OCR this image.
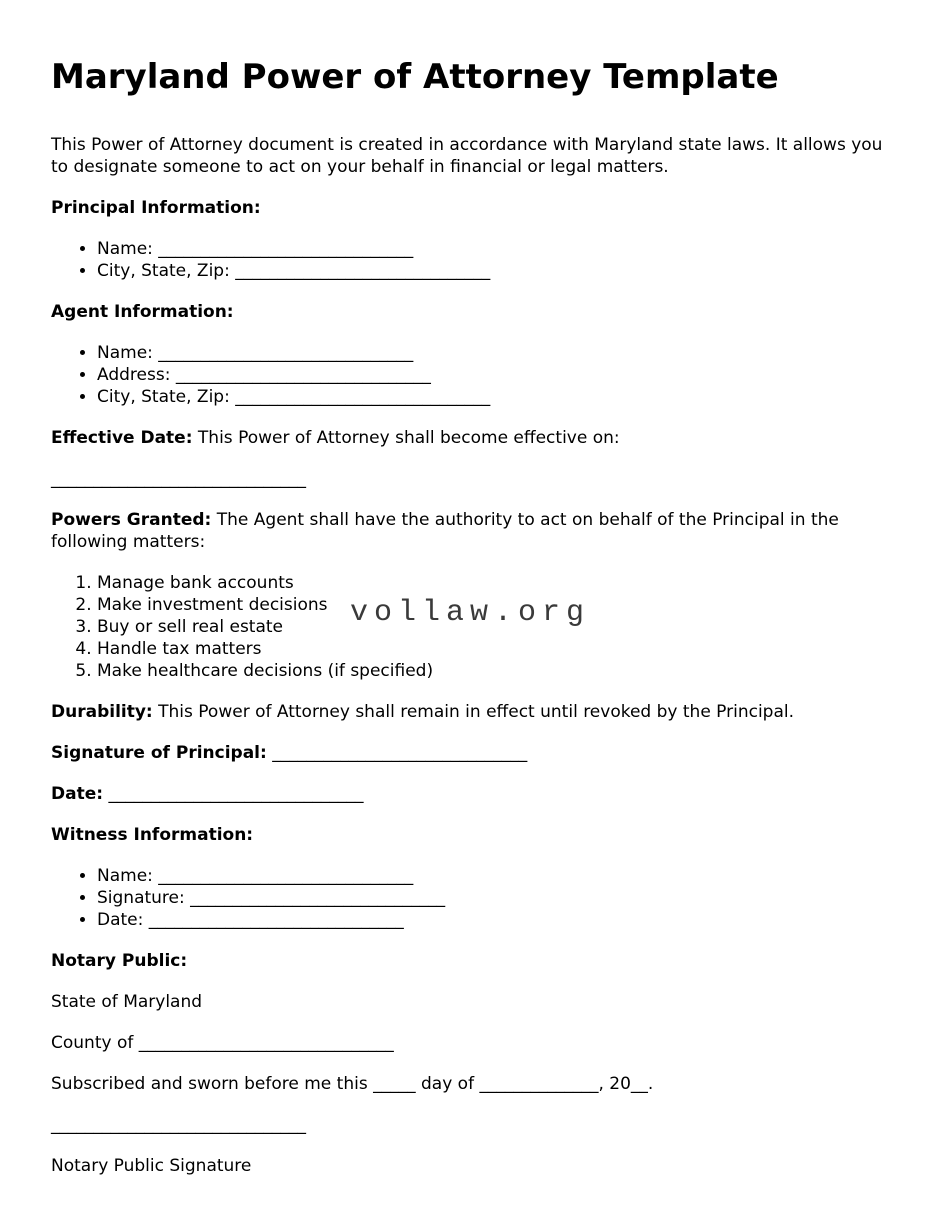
Maryland Power of Attorney Template

This Power of Attorney document is created in accordance with Maryland state laws. It allows you to designate someone to act on your behalf in financial or legal matters.

Principal Information:
• Name: ______________________________
• City, State, Zip: ______________________________
Agent Information:
• Name: ______________________________
• Address: ______________________________
• City, State, Zip: ______________________________

Effective Date: This Power of Attorney shall become effective on:

______________________________

Powers Granted: The Agent shall have the authority to act on behalf of the Principal in the following matters:

1. Manage bank accounts
2. Make investment decisions
3. Buy or sell real estate
4. Handle tax matters
5. Make healthcare decisions (if specified)
vollaw.org

Durability: This Power of Attorney shall remain in effect until revoked by the Principal.

Signature of Principal: ______________________________

Date: ______________________________

Witness Information:
• Name: ______________________________
• Signature: ______________________________
• Date: ______________________________
Notary Public:

State of Maryland

County of ______________________________

Subscribed and sworn before me this _____ day of ______________, 20__.

______________________________

Notary Public Signature
